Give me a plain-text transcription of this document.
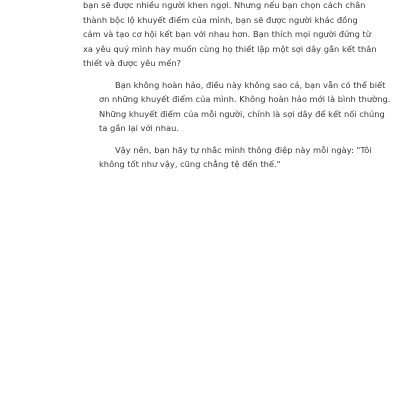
bạn sẽ được nhiều người khen ngợi. Nhưng nếu bạn chọn cách chân
thành bộc lộ khuyết điểm của mình, bạn sẽ được người khác đồng
cảm và tạo cơ hội kết bạn với nhau hơn. Bạn thích mọi người đứng từ
xa yêu quý mình hay muốn cùng họ thiết lập một sợi dây gắn kết thân
thiết và được yêu mến?

Bạn không hoàn hảo, điều này không sao cả, bạn vẫn có thể biết
ơn những khuyết điểm của mình. Không hoàn hảo mới là bình thường.
Những khuyết điểm của mỗi người, chính là sợi dây để kết nối chúng
ta gần lại với nhau.

Vậy nên, bạn hãy tự nhắc mình thông điệp này mỗi ngày: "Tôi
không tốt như vậy, cũng chẳng tệ đến thế."
